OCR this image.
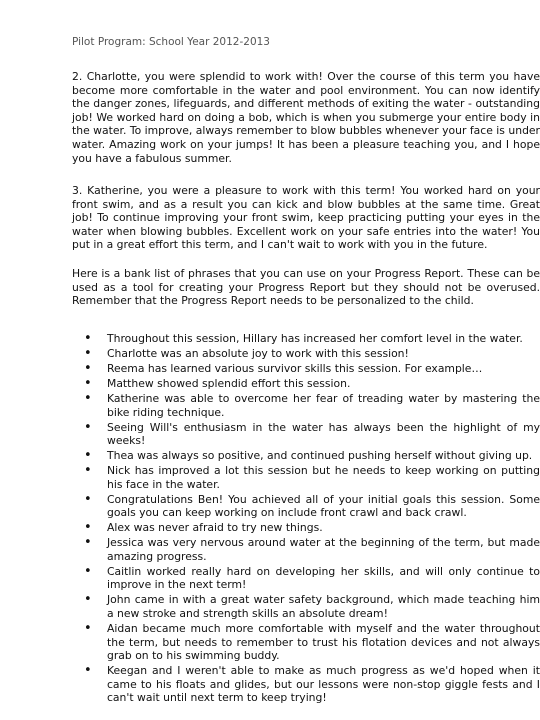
Pilot Program: School Year 2012-2013
2. Charlotte, you were splendid to work with! Over the course of this term you have become more comfortable in the water and pool environment. You can now identify the danger zones, lifeguards, and different methods of exiting the water - outstanding job! We worked hard on doing a bob, which is when you submerge your entire body in the water. To improve, always remember to blow bubbles whenever your face is under water. Amazing work on your jumps! It has been a pleasure teaching you, and I hope you have a fabulous summer.
3. Katherine, you were a pleasure to work with this term! You worked hard on your front swim, and as a result you can kick and blow bubbles at the same time. Great job! To continue improving your front swim, keep practicing putting your eyes in the water when blowing bubbles. Excellent work on your safe entries into the water! You put in a great effort this term, and I can't wait to work with you in the future.
Here is a bank list of phrases that you can use on your Progress Report. These can be used as a tool for creating your Progress Report but they should not be overused. Remember that the Progress Report needs to be personalized to the child.
• Throughout this session, Hillary has increased her comfort level in the water.
• Charlotte was an absolute joy to work with this session!
• Reema has learned various survivor skills this session. For example…
• Matthew showed splendid effort this session.
• Katherine was able to overcome her fear of treading water by mastering the bike riding technique.
• Seeing Will's enthusiasm in the water has always been the highlight of my weeks!
• Thea was always so positive, and continued pushing herself without giving up.
• Nick has improved a lot this session but he needs to keep working on putting his face in the water.
• Congratulations Ben! You achieved all of your initial goals this session. Some goals you can keep working on include front crawl and back crawl.
• Alex was never afraid to try new things.
• Jessica was very nervous around water at the beginning of the term, but made amazing progress.
• Caitlin worked really hard on developing her skills, and will only continue to improve in the next term!
• John came in with a great water safety background, which made teaching him a new stroke and strength skills an absolute dream!
• Aidan became much more comfortable with myself and the water throughout the term, but needs to remember to trust his flotation devices and not always grab on to his swimming buddy.
• Keegan and I weren't able to make as much progress as we'd hoped when it came to his floats and glides, but our lessons were non-stop giggle fests and I can't wait until next term to keep trying!
